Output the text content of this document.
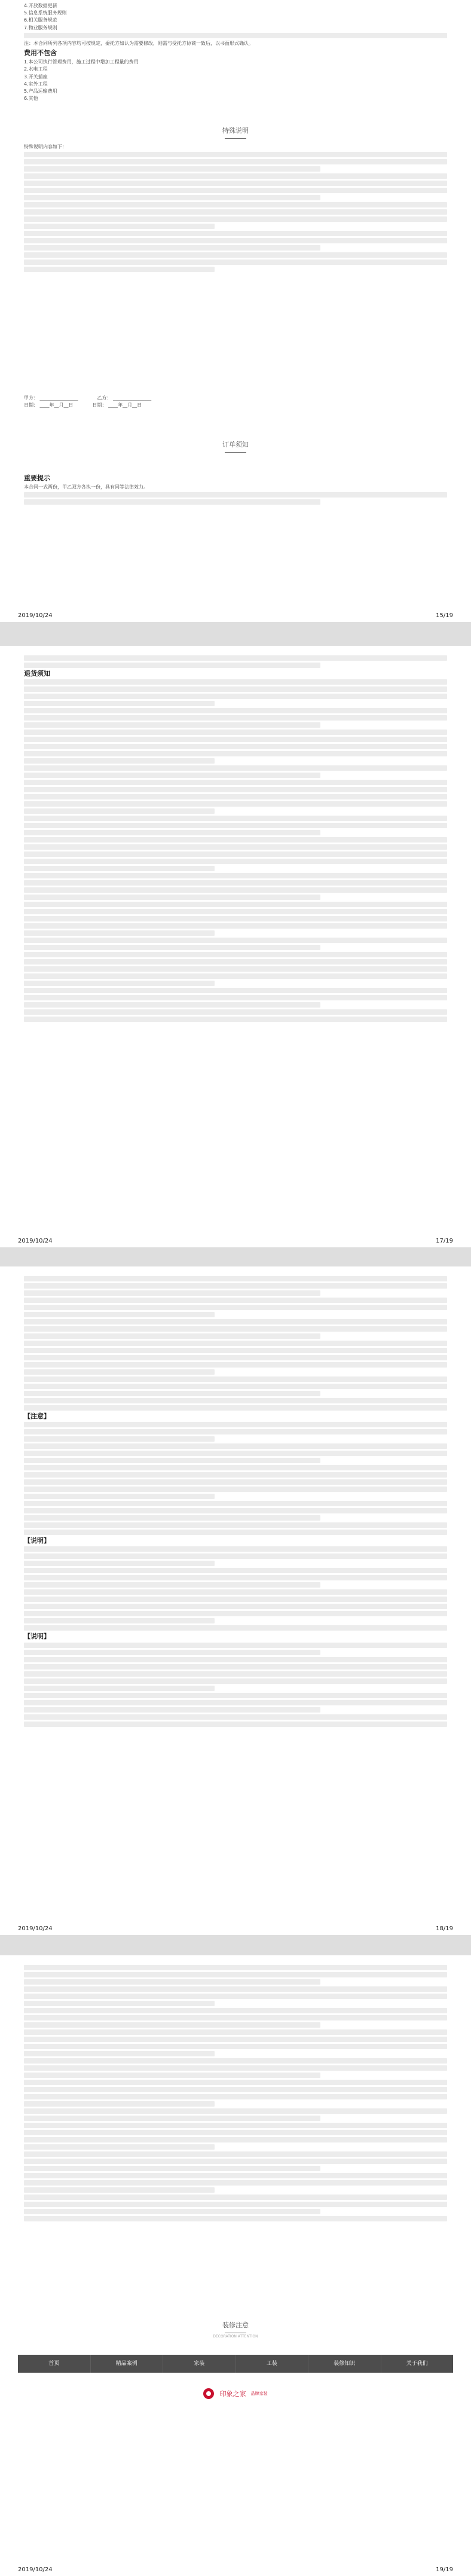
4.开放数据更新

5.信息系统服务规则

6.相关服务规范

7.物业服务规则

注：本合同所列各项内容均可按规定，委托方如认为需要修改，则需与受托方协商一致后，以书面形式确认。

费用不包含

1.本公司执行管理费用，施工过程中增加工程量的费用

2.水电工程

3.开关插座

4.室外工程

5.产品运输费用

6.其他

特殊说明

特殊说明内容如下：

甲方： ________________　　　　乙方： ________________

日期： ____年__月__日　　　　日期： ____年__月__日

订单须知
重要提示

本合同一式两份，甲乙双方各执一份，具有同等法律效力。

2019/10/24	15/19
退货须知
2019/10/24	17/19
【注意】
【说明】
【说明】
2019/10/24	18/19
装修注意
DECORATION ATTENTION
首页	精品案例	家装	工装	装修知识	关于我们
印象之家 品牌家装
2019/10/24	19/19
